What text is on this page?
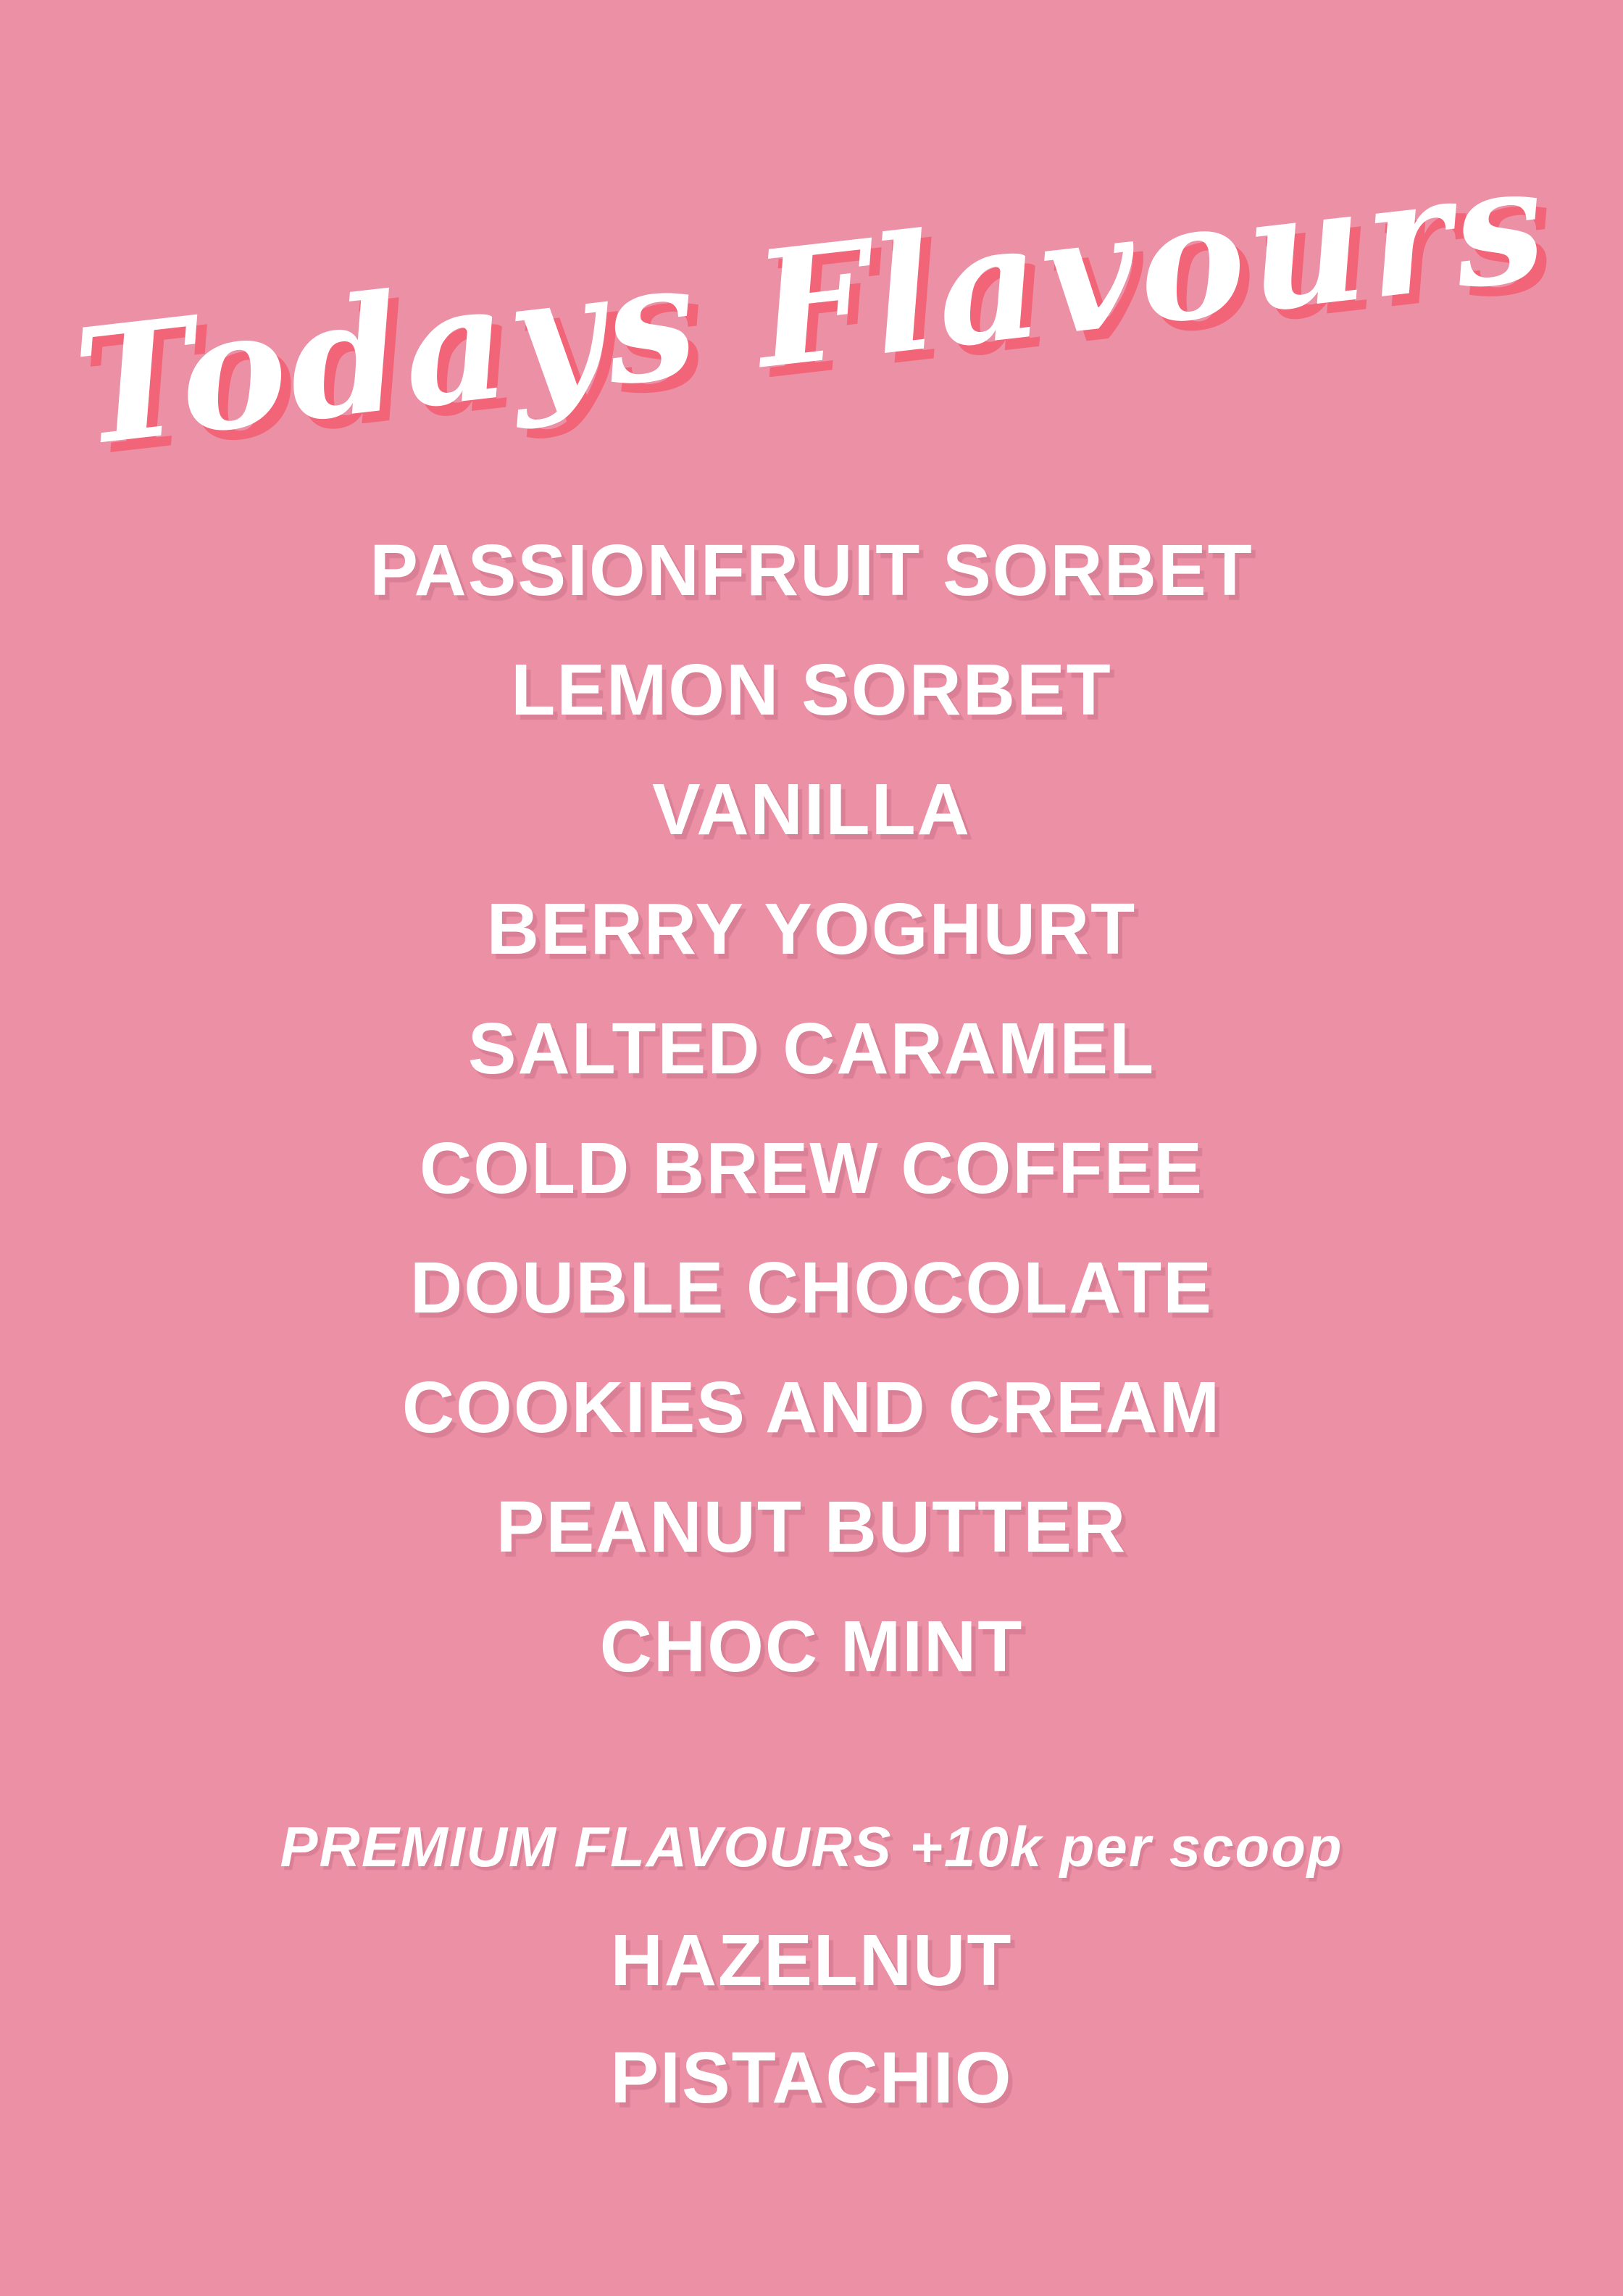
Todays Flavours
PASSIONFRUIT SORBET
LEMON SORBET
VANILLA
BERRY YOGHURT
SALTED CARAMEL
COLD BREW COFFEE
DOUBLE CHOCOLATE
COOKIES AND CREAM
PEANUT BUTTER
CHOC MINT
PREMIUM FLAVOURS +10k per scoop
HAZELNUT
PISTACHIO
